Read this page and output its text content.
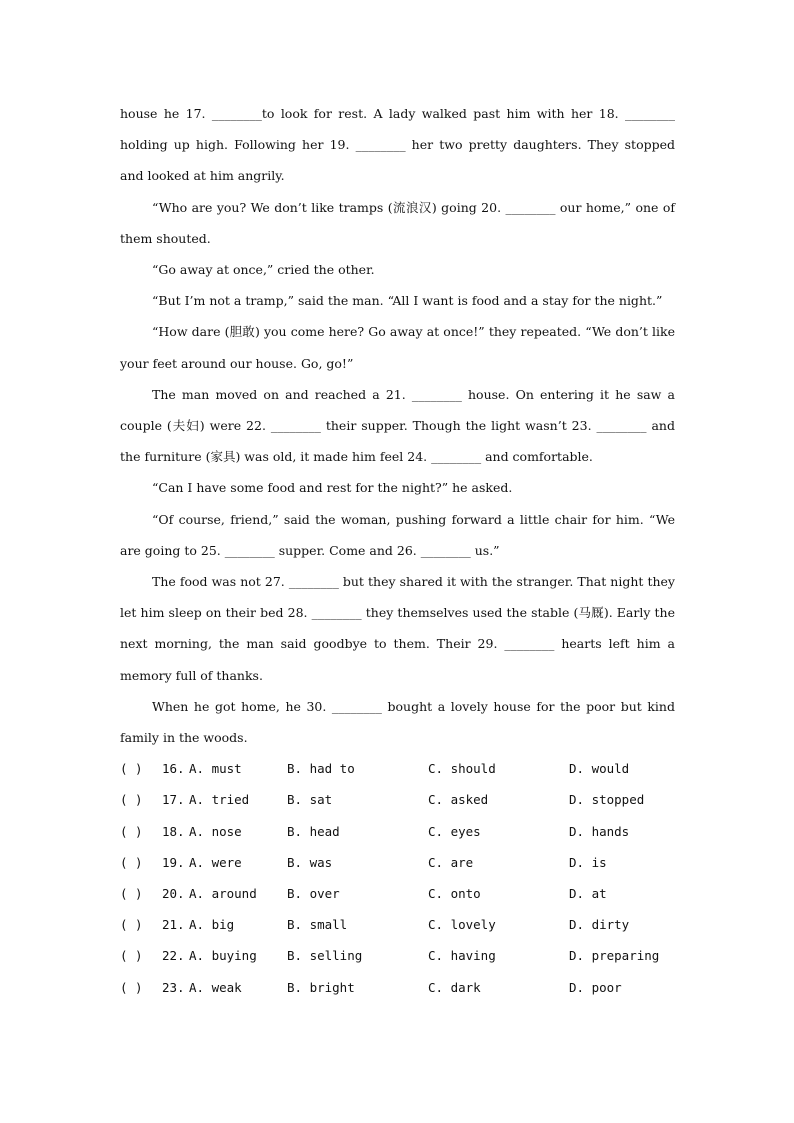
house he 17. ________to look for rest. A lady walked past him with her 18. ________ holding up high. Following her 19. ________ her two pretty daughters. They stopped and looked at him angrily.

“Who are you? We don’t like tramps (流浪汉) going 20. ________ our home,” one of them shouted.

“Go away at once,” cried the other.

“But I’m not a tramp,” said the man. “All I want is food and a stay for the night.”

“How dare (胆敢) you come here? Go away at once!” they repeated. “We don’t like your feet around our house. Go, go!”

The man moved on and reached a 21. ________ house. On entering it he saw a couple (夫妇) were 22. ________ their supper. Though the light wasn’t 23. ________ and the furniture (家具) was old, it made him feel 24. ________ and comfortable.

“Can I have some food and rest for the night?” he asked.

“Of course, friend,” said the woman, pushing forward a little chair for him. “We are going to 25. ________ supper. Come and 26. ________ us.”

The food was not 27. ________ but they shared it with the stranger. That night they let him sleep on their bed 28. ________ they themselves used the stable (马厩). Early the next morning, the man said goodbye to them. Their 29. ________ hearts left him a memory full of thanks.

When he got home, he 30. ________ bought a lovely house for the poor but kind family in the woods.

( )	16. A. must	B. had to	C. should	D. would
( )	17. A. tried	B. sat	C. asked	D. stopped
( )	18. A. nose	B. head	C. eyes	D. hands
( )	19. A. were	B. was	C. are	D. is
( )	20. A. around	B. over	C. onto	D. at
( )	21. A. big	B. small	C. lovely	D. dirty
( )	22. A. buying	B. selling	C. having	D. preparing
( )	23. A. weak	B. bright	C. dark	D. poor
